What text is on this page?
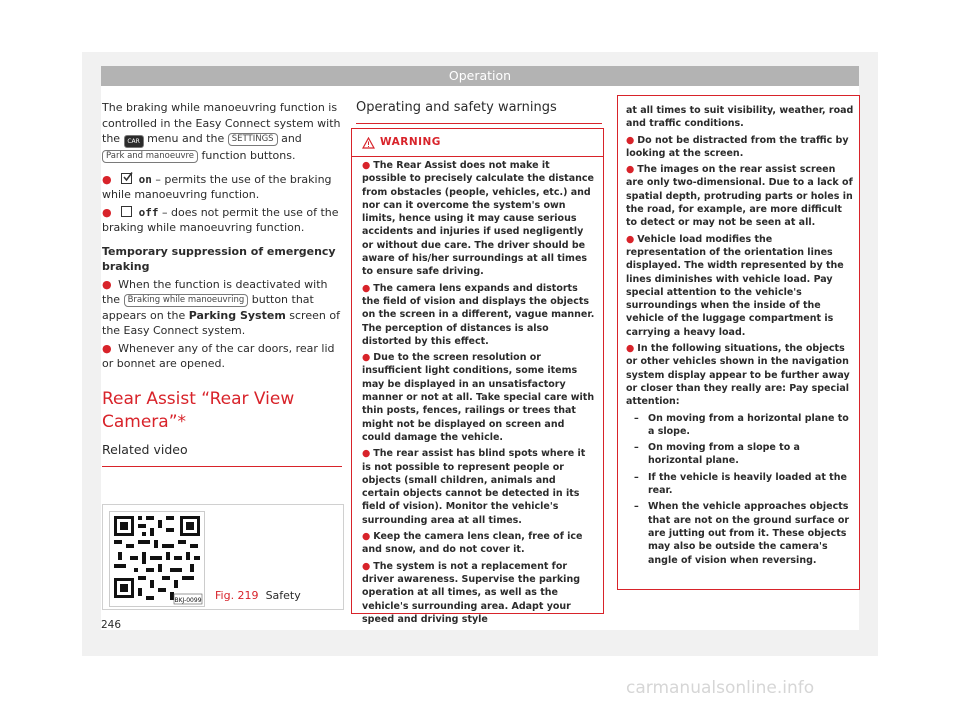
Operation

The braking while manoeuvring function is controlled in the Easy Connect system with the CAR menu and the SETTINGS and Park and manoeuvre function buttons.

● on – permits the use of the braking while manoeuvring function.

● off – does not permit the use of the braking while manoeuvring function.

Temporary suppression of emergency braking

● When the function is deactivated with the Braking while manoeuvring button that appears on the Parking System screen of the Easy Connect system.

● Whenever any of the car doors, rear lid or bonnet are opened.

Rear Assist “Rear View Camera”*

Related video

BKJ-0099 Fig. 219 Safety

Operating and safety warnings

WARNING
● The Rear Assist does not make it possible to precisely calculate the distance from obstacles (people, vehicles, etc.) and nor can it overcome the system's own limits, hence using it may cause serious accidents and injuries if used negligently or without due care. The driver should be aware of his/her surroundings at all times to ensure safe driving.
● The camera lens expands and distorts the field of vision and displays the objects on the screen in a different, vague manner. The perception of distances is also distorted by this effect.
● Due to the screen resolution or insufficient light conditions, some items may be displayed in an unsatisfactory manner or not at all. Take special care with thin posts, fences, railings or trees that might not be displayed on screen and could damage the vehicle.
● The rear assist has blind spots where it is not possible to represent people or objects (small children, animals and certain objects cannot be detected in its field of vision). Monitor the vehicle's surrounding area at all times.
● Keep the camera lens clean, free of ice and snow, and do not cover it.
● The system is not a replacement for driver awareness. Supervise the parking operation at all times, as well as the vehicle's surrounding area. Adapt your speed and driving style
at all times to suit visibility, weather, road and traffic conditions.
● Do not be distracted from the traffic by looking at the screen.
● The images on the rear assist screen are only two-dimensional. Due to a lack of spatial depth, protruding parts or holes in the road, for example, are more difficult to detect or may not be seen at all.
● Vehicle load modifies the representation of the orientation lines displayed. The width represented by the lines diminishes with vehicle load. Pay special attention to the vehicle's surroundings when the inside of the vehicle of the luggage compartment is carrying a heavy load.
● In the following situations, the objects or other vehicles shown in the navigation system display appear to be further away or closer than they really are: Pay special attention:
– On moving from a horizontal plane to a slope.
– On moving from a slope to a horizontal plane.
– If the vehicle is heavily loaded at the rear.
– When the vehicle approaches objects that are not on the ground surface or are jutting out from it. These objects may also be outside the camera's angle of vision when reversing.
246
carmanualsonline.info
